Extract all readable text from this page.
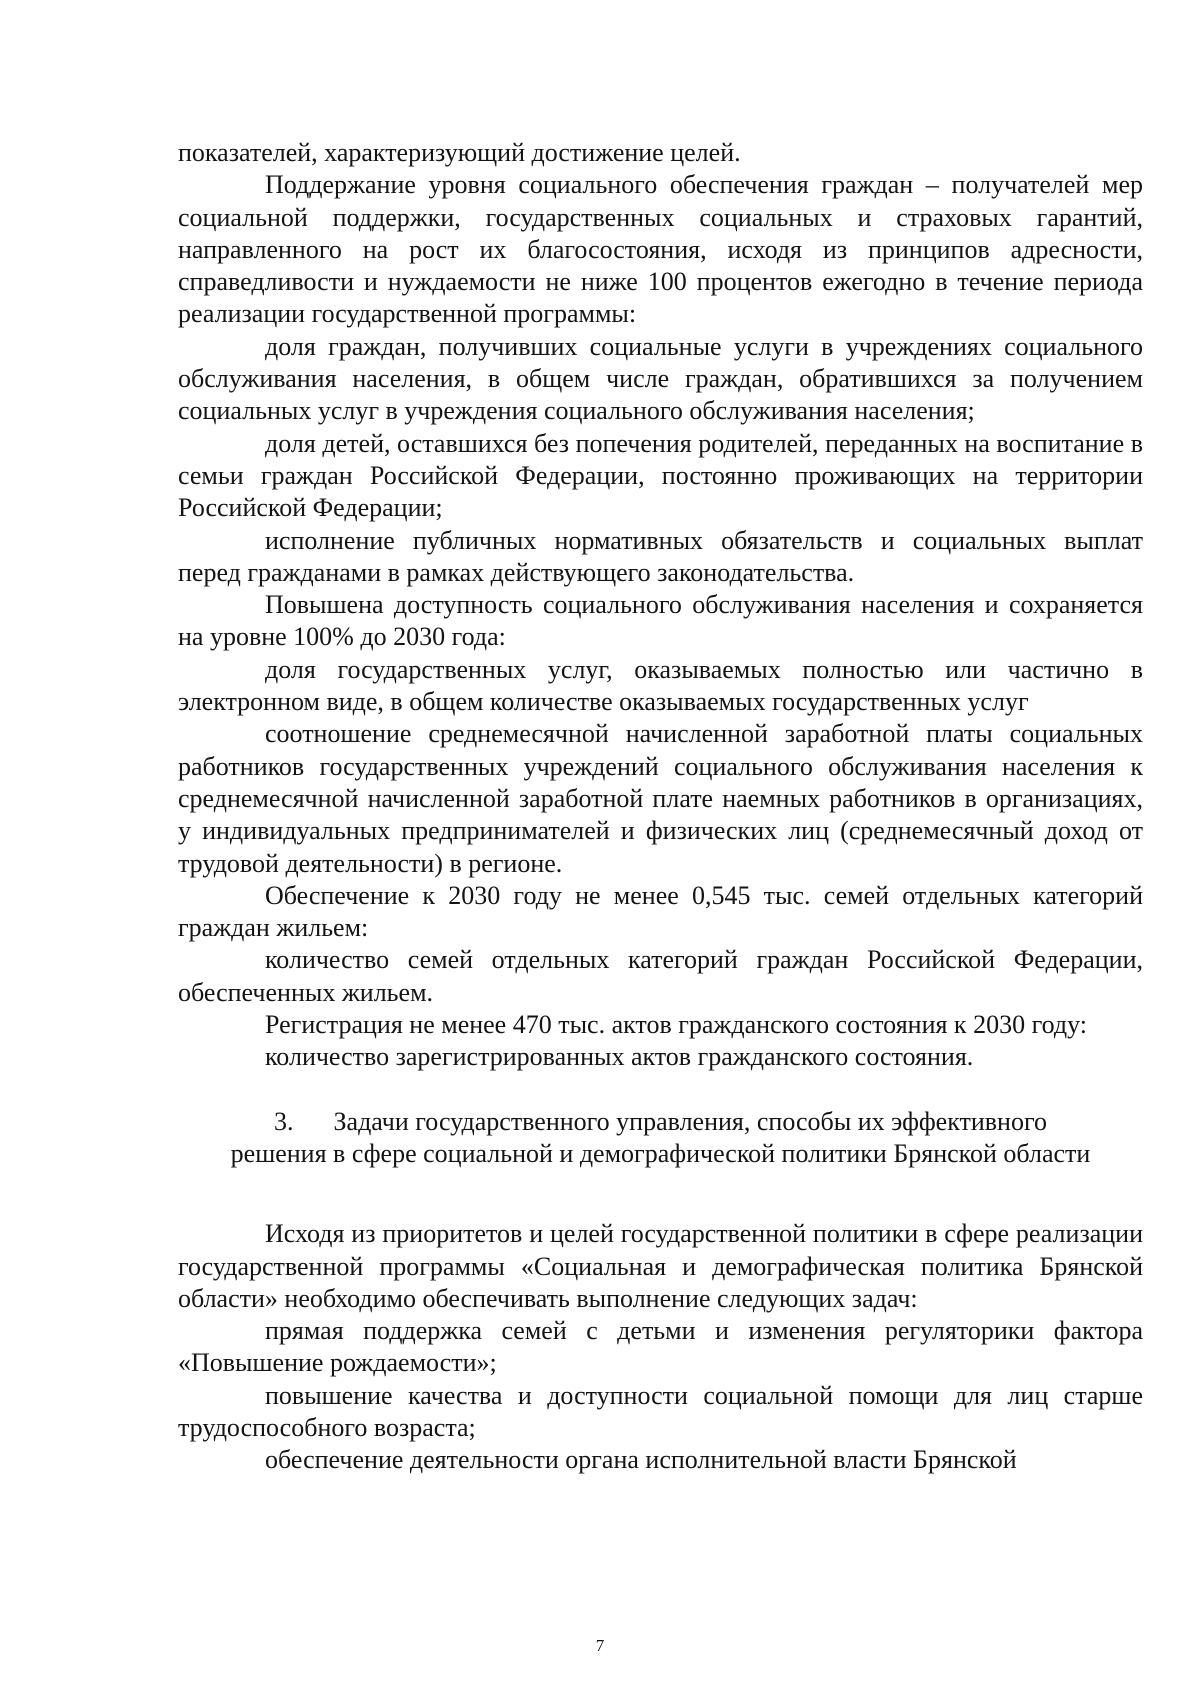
показателей, характеризующий достижение целей.

Поддержание уровня социального обеспечения граждан – получателей мер социальной поддержки, государственных социальных и страховых гарантий, направленного на рост их благосостояния, исходя из принципов адресности, справедливости и нуждаемости не ниже 100 процентов ежегодно в течение периода реализации государственной программы:

доля граждан, получивших социальные услуги в учреждениях социального обслуживания населения, в общем числе граждан, обратившихся за получением социальных услуг в учреждения социального обслуживания населения;

доля детей, оставшихся без попечения родителей, переданных на воспитание в семьи граждан Российской Федерации, постоянно проживающих на территории Российской Федерации;

исполнение публичных нормативных обязательств и социальных выплат перед гражданами в рамках действующего законодательства.

Повышена доступность социального обслуживания населения и сохраняется на уровне 100% до 2030 года:

доля государственных услуг, оказываемых полностью или частично в электронном виде, в общем количестве оказываемых государственных услуг

соотношение среднемесячной начисленной заработной платы социальных работников государственных учреждений социального обслуживания населения к среднемесячной начисленной заработной плате наемных работников в организациях, у индивидуальных предпринимателей и физических лиц (среднемесячный доход от трудовой деятельности) в регионе.

Обеспечение к 2030 году не менее 0,545 тыс. семей отдельных категорий граждан жильем:

количество семей отдельных категорий граждан Российской Федерации, обеспеченных жильем.

Регистрация не менее 470 тыс. актов гражданского состояния к 2030 году:

количество зарегистрированных актов гражданского состояния.

3. Задачи государственного управления, способы их эффективного
решения в сфере социальной и демографической политики Брянской области

Исходя из приоритетов и целей государственной политики в сфере реализации государственной программы «Социальная и демографическая политика Брянской области» необходимо обеспечивать выполнение следующих задач:

прямая поддержка семей с детьми и изменения регуляторики фактора «Повышение рождаемости»;

повышение качества и доступности социальной помощи для лиц старше трудоспособного возраста;

обеспечение деятельности органа исполнительной власти Брянской

7
